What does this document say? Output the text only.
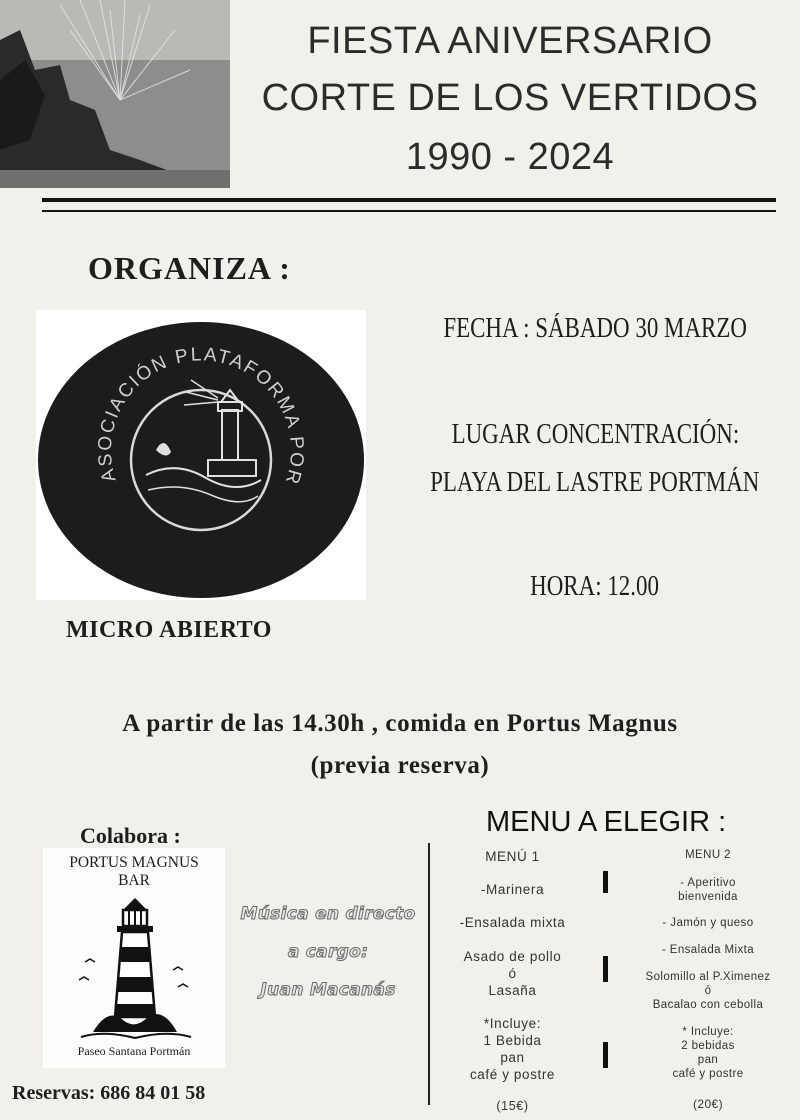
FIESTA ANIVERSARIO
CORTE DE LOS VERTIDOS
1990 - 2024
ORGANIZA :
ASOCIACIÓN PLATAFORMA POR
MICRO ABIERTO
FECHA : SÁBADO 30 MARZO
LUGAR CONCENTRACIÓN:
PLAYA DEL LASTRE PORTMÁN
HORA: 12.00
A partir de las 14.30h , comida en Portus Magnus
(previa reserva)
Colabora :
PORTUS MAGNUS
BAR
Paseo Santana Portmán
Reservas: 686 84 01 58
Música en directo
a cargo:
Juan Macanás
MENU A ELEGIR :
MENÚ 1
-Marinera
-Ensalada mixta
Asado de pollo
ó
Lasaña
*Incluye:
1 Bebida
pan
café y postre
(15€)
MENU 2
- Aperitivo
bienvenida
- Jamón y queso
- Ensalada Mixta
Solomillo al P.Ximenez
ó
Bacalao con cebolla
* Incluye:
2 bebidas
pan
café y postre
(20€)
